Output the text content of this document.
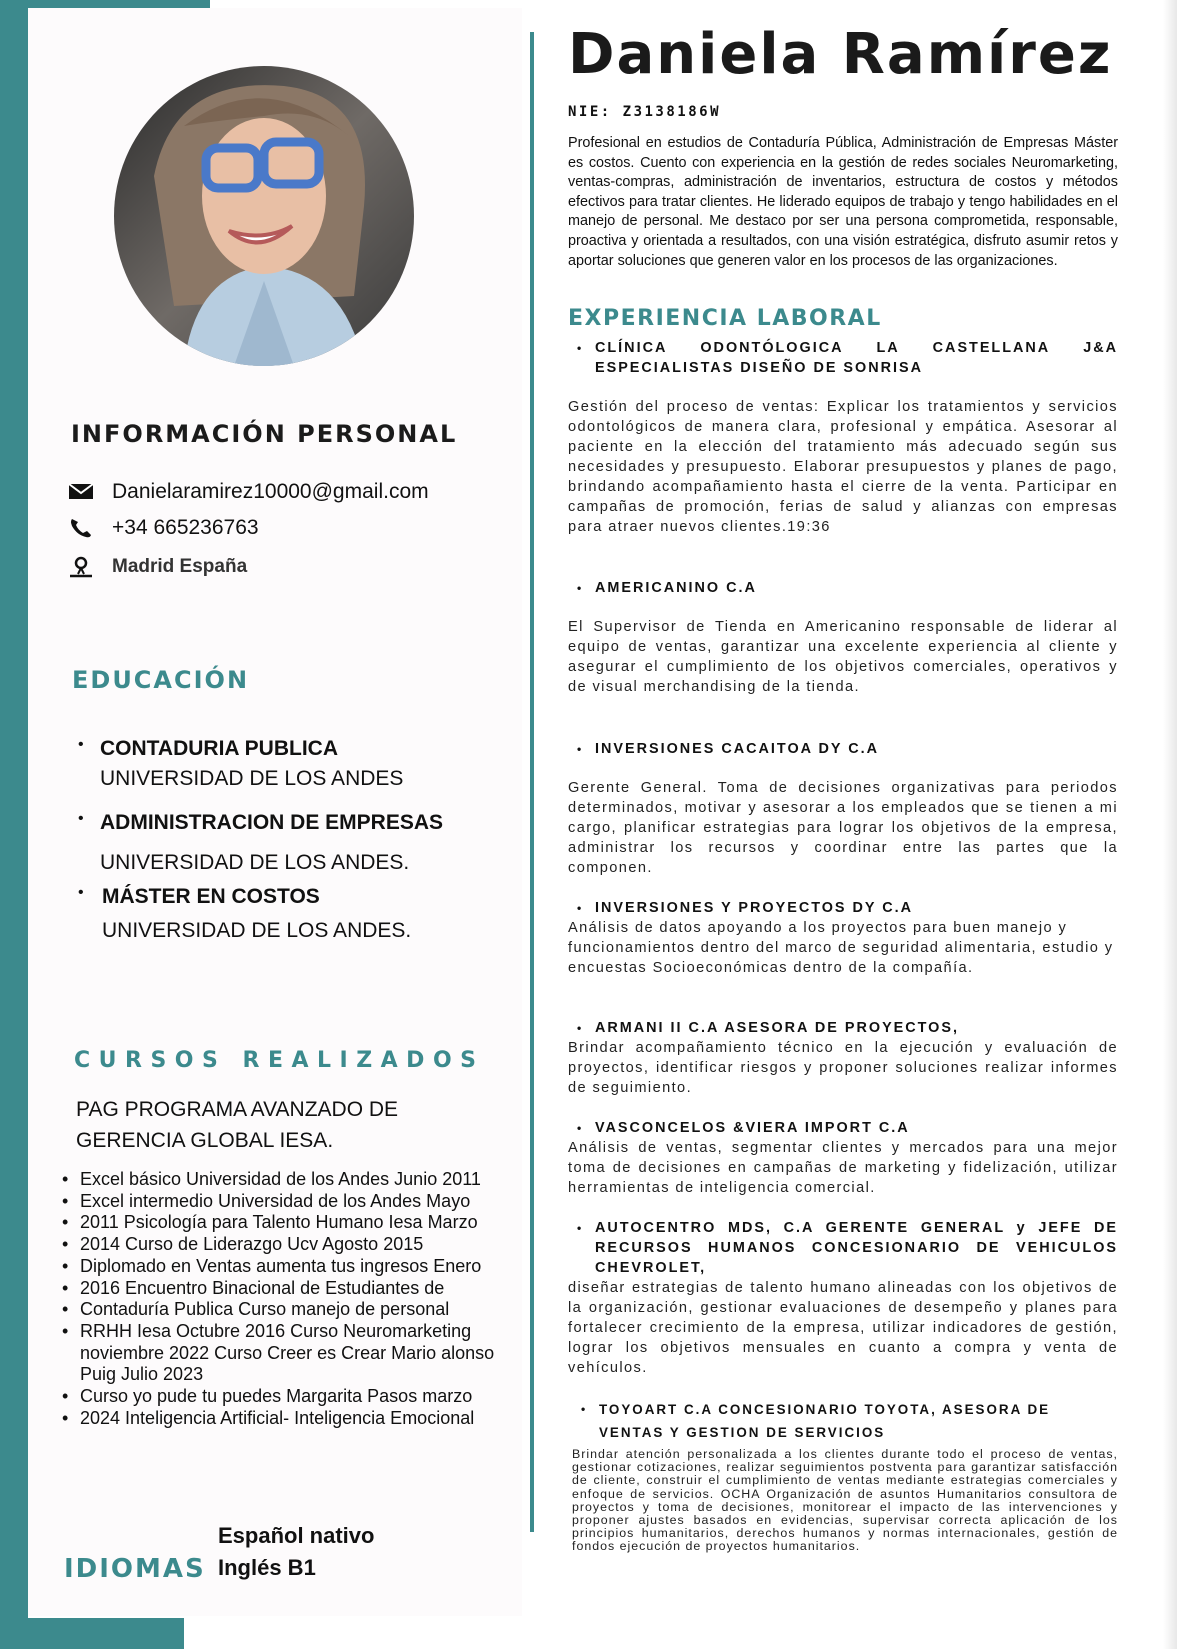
INFORMACIÓN PERSONAL
Danielaramirez10000@gmail.com
+34 665236763
Madrid España
EDUCACIÓN
• CONTADURIA PUBLICA
UNIVERSIDAD DE LOS ANDES
• ADMINISTRACION DE EMPRESAS
UNIVERSIDAD DE LOS ANDES.
• MÁSTER EN COSTOS
UNIVERSIDAD DE LOS ANDES.
CURSOS REALIZADOS
PAG PROGRAMA AVANZADO DE GERENCIA GLOBAL IESA.
• Excel básico Universidad de los Andes Junio 2011
• Excel intermedio Universidad de los Andes Mayo
• 2011 Psicología para Talento Humano Iesa Marzo
• 2014 Curso de Liderazgo Ucv Agosto 2015
• Diplomado en Ventas aumenta tus ingresos Enero
• 2016 Encuentro Binacional de Estudiantes de
• Contaduría Publica Curso manejo de personal
• RRHH Iesa Octubre 2016 Curso Neuromarketing noviembre 2022 Curso Creer es Crear Mario alonso Puig Julio 2023
• Curso yo pude tu puedes Margarita Pasos marzo
• 2024 Inteligencia Artificial- Inteligencia Emocional
IDIOMAS
Español nativo
Inglés B1
Daniela Ramírez
NIE: Z3138186W
Profesional en estudios de Contaduría Pública, Administración de Empresas Máster es costos. Cuento con experiencia en la gestión de redes sociales Neuromarketing, ventas-compras, administración de inventarios, estructura de costos y métodos efectivos para tratar clientes. He liderado equipos de trabajo y tengo habilidades en el manejo de personal. Me destaco por ser una persona comprometida, responsable, proactiva y orientada a resultados, con una visión estratégica, disfruto asumir retos y aportar soluciones que generen valor en los procesos de las organizaciones.
EXPERIENCIA LABORAL
• CLÍNICA ODONTÓLOGICA LA CASTELLANA J&A ESPECIALISTAS DISEÑO DE SONRISA
Gestión del proceso de ventas: Explicar los tratamientos y servicios odontológicos de manera clara, profesional y empática. Asesorar al paciente en la elección del tratamiento más adecuado según sus necesidades y presupuesto. Elaborar presupuestos y planes de pago, brindando acompañamiento hasta el cierre de la venta. Participar en campañas de promoción, ferias de salud y alianzas con empresas para atraer nuevos clientes.⁣‎19:36
• AMERICANINO C.A
El Supervisor de Tienda en Americanino responsable de liderar al equipo de ventas, garantizar una excelente experiencia al cliente y asegurar el cumplimiento de los objetivos comerciales, operativos y de visual merchandising de la tienda.
• INVERSIONES CACAITOA DY C.A
Gerente General. Toma de decisiones organizativas para periodos determinados, motivar y asesorar a los empleados que se tienen a mi cargo, planificar estrategias para lograr los objetivos de la empresa, administrar los recursos y coordinar entre las partes que la componen.
• INVERSIONES Y PROYECTOS DY C.A
Análisis de datos apoyando a los proyectos para buen manejo y funcionamientos dentro del marco de seguridad alimentaria, estudio y encuestas Socioeconómicas dentro de la compañía.
• ARMANI II C.A ASESORA DE PROYECTOS,
Brindar acompañamiento técnico en la ejecución y evaluación de proyectos, identificar riesgos y proponer soluciones realizar informes de seguimiento.
• VASCONCELOS &VIERA IMPORT C.A
Análisis de ventas, segmentar clientes y mercados para una mejor toma de decisiones en campañas de marketing y fidelización, utilizar herramientas de inteligencia comercial.
• AUTOCENTRO MDS, C.A GERENTE GENERAL y JEFE DE RECURSOS HUMANOS CONCESIONARIO DE VEHICULOS CHEVROLET,
diseñar estrategias de talento humano alineadas con los objetivos de la organización, gestionar evaluaciones de desempeño y planes para fortalecer crecimiento de la empresa, utilizar indicadores de gestión, lograr los objetivos mensuales en cuanto a compra y venta de vehículos.
• TOYOART C.A CONCESIONARIO TOYOTA, ASESORA DE VENTAS Y GESTION DE SERVICIOS
Brindar atención personalizada a los clientes durante todo el proceso de ventas, gestionar cotizaciones, realizar seguimientos postventa para garantizar satisfacción de cliente, construir el cumplimiento de ventas mediante estrategias comerciales y enfoque de servicios. OCHA Organización de asuntos Humanitarios consultora de proyectos y toma de decisiones, monitorear el impacto de las intervenciones y proponer ajustes basados en evidencias, supervisar correcta aplicación de los principios humanitarios, derechos humanos y normas internacionales, gestión de fondos ejecución de proyectos humanitarios.
